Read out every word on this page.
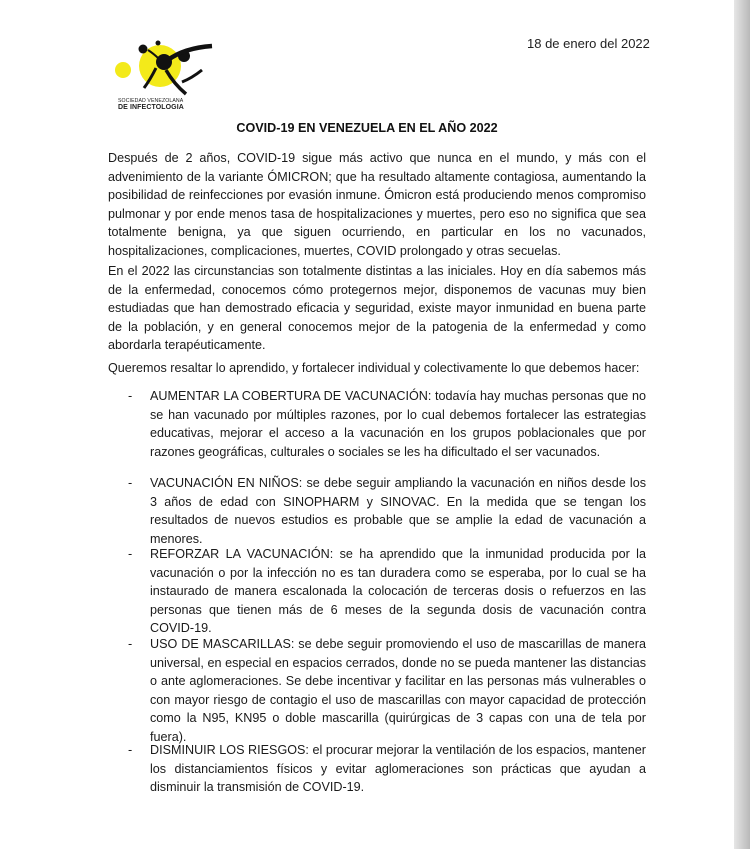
SOCIEDAD VENEZOLANA
DE INFECTOLOGIA
18 de enero del 2022
COVID-19 EN VENEZUELA EN EL AÑO 2022

Después de 2 años, COVID-19 sigue más activo que nunca en el mundo, y más con el advenimiento de la variante ÓMICRON; que ha resultado altamente contagiosa, aumentando la posibilidad de reinfecciones por evasión inmune. Ómicron está produciendo menos compromiso pulmonar y por ende menos tasa de hospitalizaciones y muertes, pero eso no significa que sea totalmente benigna, ya que siguen ocurriendo, en particular en los no vacunados, hospitalizaciones, complicaciones, muertes, COVID prolongado y otras secuelas.

En el 2022 las circunstancias son totalmente distintas a las iniciales. Hoy en día sabemos más de la enfermedad, conocemos cómo protegernos mejor, disponemos de vacunas muy bien estudiadas que han demostrado eficacia y seguridad, existe mayor inmunidad en buena parte de la población, y en general conocemos mejor de la patogenia de la enfermedad y como abordarla terapéuticamente.

Queremos resaltar lo aprendido, y fortalecer individual y colectivamente lo que debemos hacer:

- AUMENTAR LA COBERTURA DE VACUNACIÓN: todavía hay muchas personas que no se han vacunado por múltiples razones, por lo cual debemos fortalecer las estrategias educativas, mejorar el acceso a la vacunación en los grupos poblacionales que por razones geográficas, culturales o sociales se les ha dificultado el ser vacunados.
- VACUNACIÓN EN NIÑOS: se debe seguir ampliando la vacunación en niños desde los 3 años de edad con SINOPHARM y SINOVAC. En la medida que se tengan los resultados de nuevos estudios es probable que se amplie la edad de vacunación a menores.
- REFORZAR LA VACUNACIÓN: se ha aprendido que la inmunidad producida por la vacunación o por la infección no es tan duradera como se esperaba, por lo cual se ha instaurado de manera escalonada la colocación de terceras dosis o refuerzos en las personas que tienen más de 6 meses de la segunda dosis de vacunación contra COVID-19.
- USO DE MASCARILLAS: se debe seguir promoviendo el uso de mascarillas de manera universal, en especial en espacios cerrados, donde no se pueda mantener las distancias o ante aglomeraciones. Se debe incentivar y facilitar en las personas más vulnerables o con mayor riesgo de contagio el uso de mascarillas con mayor capacidad de protección como la N95, KN95 o doble mascarilla (quirúrgicas de 3 capas con una de tela por fuera).
- DISMINUIR LOS RIESGOS: el procurar mejorar la ventilación de los espacios, mantener los distanciamientos físicos y evitar aglomeraciones son prácticas que ayudan a disminuir la transmisión de COVID-19.
